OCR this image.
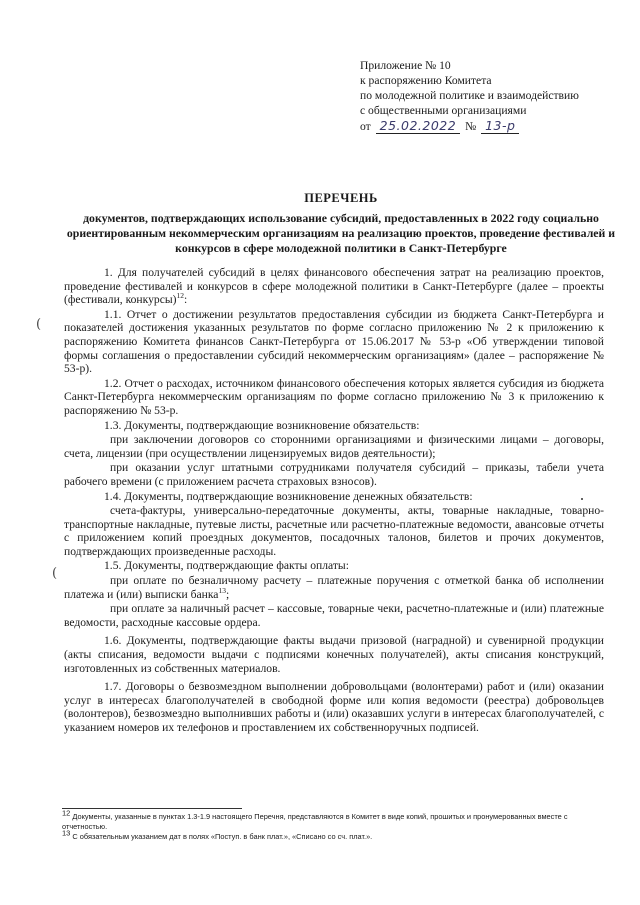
Приложение № 10
к распоряжению Комитета
по молодежной политике и взаимодействию
с общественными организациями
от 25.02.2022 № 13-р
ПЕРЕЧЕНЬ
документов, подтверждающих использование субсидий, предоставленных в 2022 году социально ориентированным некоммерческим организациям на реализацию проектов, проведение фестивалей и конкурсов в сфере молодежной политики в Санкт-Петербурге
(
(

1. Для получателей субсидий в целях финансового обеспечения затрат на реализацию проектов, проведение фестивалей и конкурсов в сфере молодежной политики в Санкт-Петербурге (далее – проекты (фестивали, конкурсы)$^{12}$:

1.1. Отчет о достижении результатов предоставления субсидии из бюджета Санкт-Петербурга и показателей достижения указанных результатов по форме согласно приложению № 2 к приложению к распоряжению Комитета финансов Санкт-Петербурга от 15.06.2017 № 53-р «Об утверждении типовой формы соглашения о предоставлении субсидий некоммерческим организациям» (далее – распоряжение № 53-р).

1.2. Отчет о расходах, источником финансового обеспечения которых является субсидия из бюджета Санкт-Петербурга некоммерческим организациям по форме согласно приложению № 3 к приложению к распоряжению № 53-р.

1.3. Документы, подтверждающие возникновение обязательств:

при заключении договоров со сторонними организациями и физическими лицами – договоры, счета, лицензии (при осуществлении лицензируемых видов деятельности);

при оказании услуг штатными сотрудниками получателя субсидий – приказы, табели учета рабочего времени (с приложением расчета страховых взносов).

1.4. Документы, подтверждающие возникновение денежных обязательств:

счета-фактуры, универсально-передаточные документы, акты, товарные накладные, товарно-транспортные накладные, путевые листы, расчетные или расчетно-платежные ведомости, авансовые отчеты с приложением копий проездных документов, посадочных талонов, билетов и прочих документов, подтверждающих произведенные расходы.

1.5. Документы, подтверждающие факты оплаты:

при оплате по безналичному расчету – платежные поручения с отметкой банка об исполнении платежа и (или) выписки банка$^{13}$;

при оплате за наличный расчет – кассовые, товарные чеки, расчетно-платежные и (или) платежные ведомости, расходные кассовые ордера.

1.6. Документы, подтверждающие факты выдачи призовой (наградной) и сувенирной продукции (акты списания, ведомости выдачи с подписями конечных получателей), акты списания конструкций, изготовленных из собственных материалов.

1.7. Договоры о безвозмездном выполнении добровольцами (волонтерами) работ и (или) оказании услуг в интересах благополучателей в свободной форме или копия ведомости (реестра) добровольцев (волонтеров), безвозмездно выполнивших работы и (или) оказавших услуги в интересах благополучателей, с указанием номеров их телефонов и проставлением их собственноручных подписей.

$^{12}$ Документы, указанные в пунктах 1.3-1.9 настоящего Перечня, представляются в Комитет в виде копий, прошитых и пронумерованных вместе с отчетностью.
$^{13}$ С обязательным указанием дат в полях «Поступ. в банк плат.», «Списано со сч. плат.».
